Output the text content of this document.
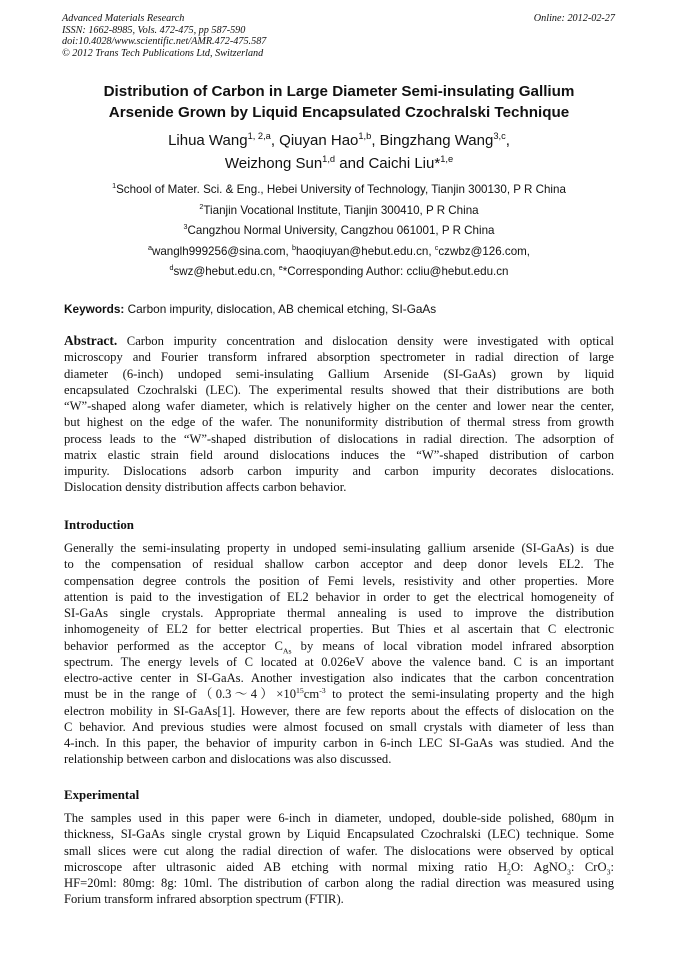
Advanced Materials Research
ISSN: 1662-8985, Vols. 472-475, pp 587-590
doi:10.4028/www.scientific.net/AMR.472-475.587
© 2012 Trans Tech Publications Ltd, Switzerland
Online: 2012-02-27
Distribution of Carbon in Large Diameter Semi-insulating Gallium
Arsenide Grown by Liquid Encapsulated Czochralski Technique
Lihua Wang$^{1, 2,a}$, Qiuyan Hao$^{1,b}$, Bingzhang Wang$^{3,c}$,
Weizhong Sun$^{1,d}$ and Caichi Liu*$^{1,e}$
$^1$School of Mater. Sci. & Eng., Hebei University of Technology, Tianjin 300130, P R China
$^2$Tianjin Vocational Institute, Tianjin 300410, P R China
$^3$Cangzhou Normal University, Cangzhou 061001, P R China
$^a$wanglh999256@sina.com, $^b$haoqiuyan@hebut.edu.cn, $^c$czwbz@126.com,
$^d$swz@hebut.edu.cn, $^e$*Corresponding Author: ccliu@hebut.edu.cn
Keywords: Carbon impurity, dislocation, AB chemical etching, SI-GaAs
Abstract. Carbon impurity concentration and dislocation density were investigated with optical
microscopy and Fourier transform infrared absorption spectrometer in radial direction of large
diameter (6-inch) undoped semi-insulating Gallium Arsenide (SI-GaAs) grown by liquid
encapsulated Czochralski (LEC). The experimental results showed that their distributions are both
“W”-shaped along wafer diameter, which is relatively higher on the center and lower near the center,
but highest on the edge of the wafer. The nonuniformity distribution of thermal stress from growth
process leads to the “W”-shaped distribution of dislocations in radial direction. The adsorption of
matrix elastic strain field around dislocations induces the “W”-shaped distribution of carbon
impurity. Dislocations adsorb carbon impurity and carbon impurity decorates dislocations.
Dislocation density distribution affects carbon behavior.
Introduction
Generally the semi-insulating property in undoped semi-insulating gallium arsenide (SI-GaAs) is due
to the compensation of residual shallow carbon acceptor and deep donor levels EL2. The
compensation degree controls the position of Femi levels, resistivity and other properties. More
attention is paid to the investigation of EL2 behavior in order to get the electrical homogeneity of
SI-GaAs single crystals. Appropriate thermal annealing is used to improve the distribution
inhomogeneity of EL2 for better electrical properties. But Thies et al ascertain that C electronic
behavior performed as the acceptor $C_{As}$ by means of local vibration model infrared absorption
spectrum. The energy levels of C located at 0.026eV above the valence band. C is an important
electro-active center in SI-GaAs. Another investigation also indicates that the carbon concentration
must be in the range $of(0.3\sim 4)\times 10^{15}cm^{-3}$ to protect the semi-insulating property and the high
electron mobility in SI-GaAs[1]. However, there are few reports about the effects of dislocation on the
C behavior. And previous studies were almost focused on small crystals with diameter of less than
4-inch. In this paper, the behavior of impurity carbon in 6-inch LEC SI-GaAs was studied. And the
relationship between carbon and dislocations was also discussed.
Experimental
The samples used in this paper were 6-inch in diameter, undoped, double-side polished, 680μm in
thickness, SI-GaAs single crystal grown by Liquid Encapsulated Czochralski (LEC) technique. Some
small slices were cut along the radial direction of wafer. The dislocations were observed by optical
microscope after ultrasonic aided AB etching with normal mixing ratio $H_2O$: AgNO$_3$: CrO$_3$:
HF=20ml: 80mg: 8g: 10ml. The distribution of carbon along the radial direction was measured using
Forium transform infrared absorption spectrum (FTIR).
